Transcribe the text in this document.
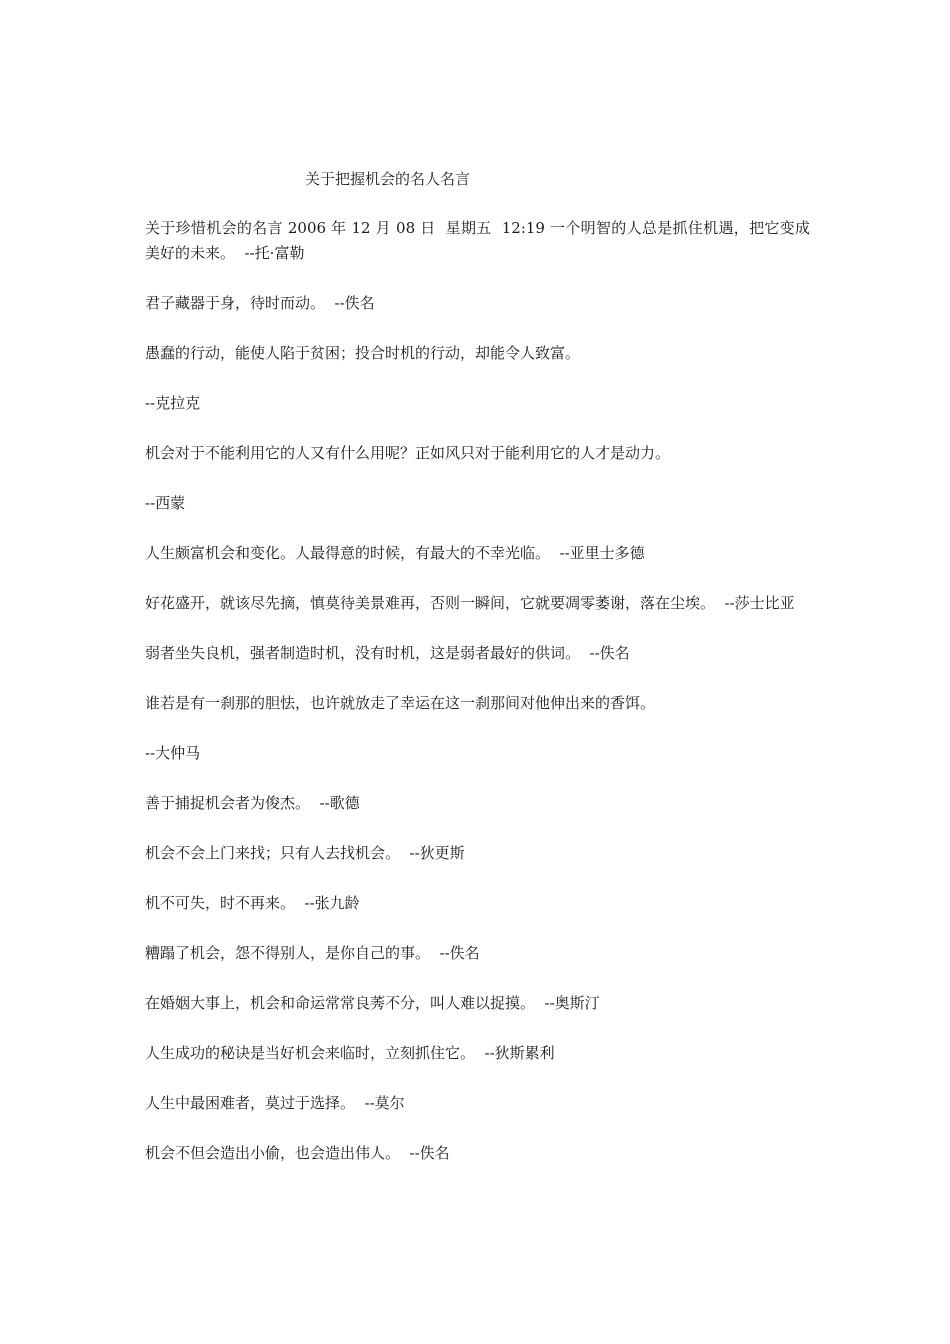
关于把握机会的名人名言

关于珍惜机会的名言 2006 年 12 月 08 日  星期五  12:19 一个明智的人总是抓住机遇，把它变成美好的未来。  --托·富勒

君子藏器于身，待时而动。  --佚名

愚蠢的行动，能使人陷于贫困；投合时机的行动，却能令人致富。

--克拉克

机会对于不能利用它的人又有什么用呢？正如风只对于能利用它的人才是动力。

--西蒙

人生颇富机会和变化。人最得意的时候，有最大的不幸光临。  --亚里士多德

好花盛开，就该尽先摘，慎莫待美景难再，否则一瞬间，它就要凋零萎谢，落在尘埃。  --莎士比亚

弱者坐失良机，强者制造时机，没有时机，这是弱者最好的供词。  --佚名

谁若是有一刹那的胆怯，也许就放走了幸运在这一刹那间对他伸出来的香饵。

--大仲马

善于捕捉机会者为俊杰。  --歌德

机会不会上门来找；只有人去找机会。  --狄更斯

机不可失，时不再来。  --张九龄

糟蹋了机会，怨不得别人，是你自己的事。  --佚名

在婚姻大事上，机会和命运常常良莠不分，叫人难以捉摸。  --奥斯汀

人生成功的秘诀是当好机会来临时，立刻抓住它。  --狄斯累利

人生中最困难者，莫过于选择。  --莫尔

机会不但会造出小偷，也会造出伟人。  --佚名
